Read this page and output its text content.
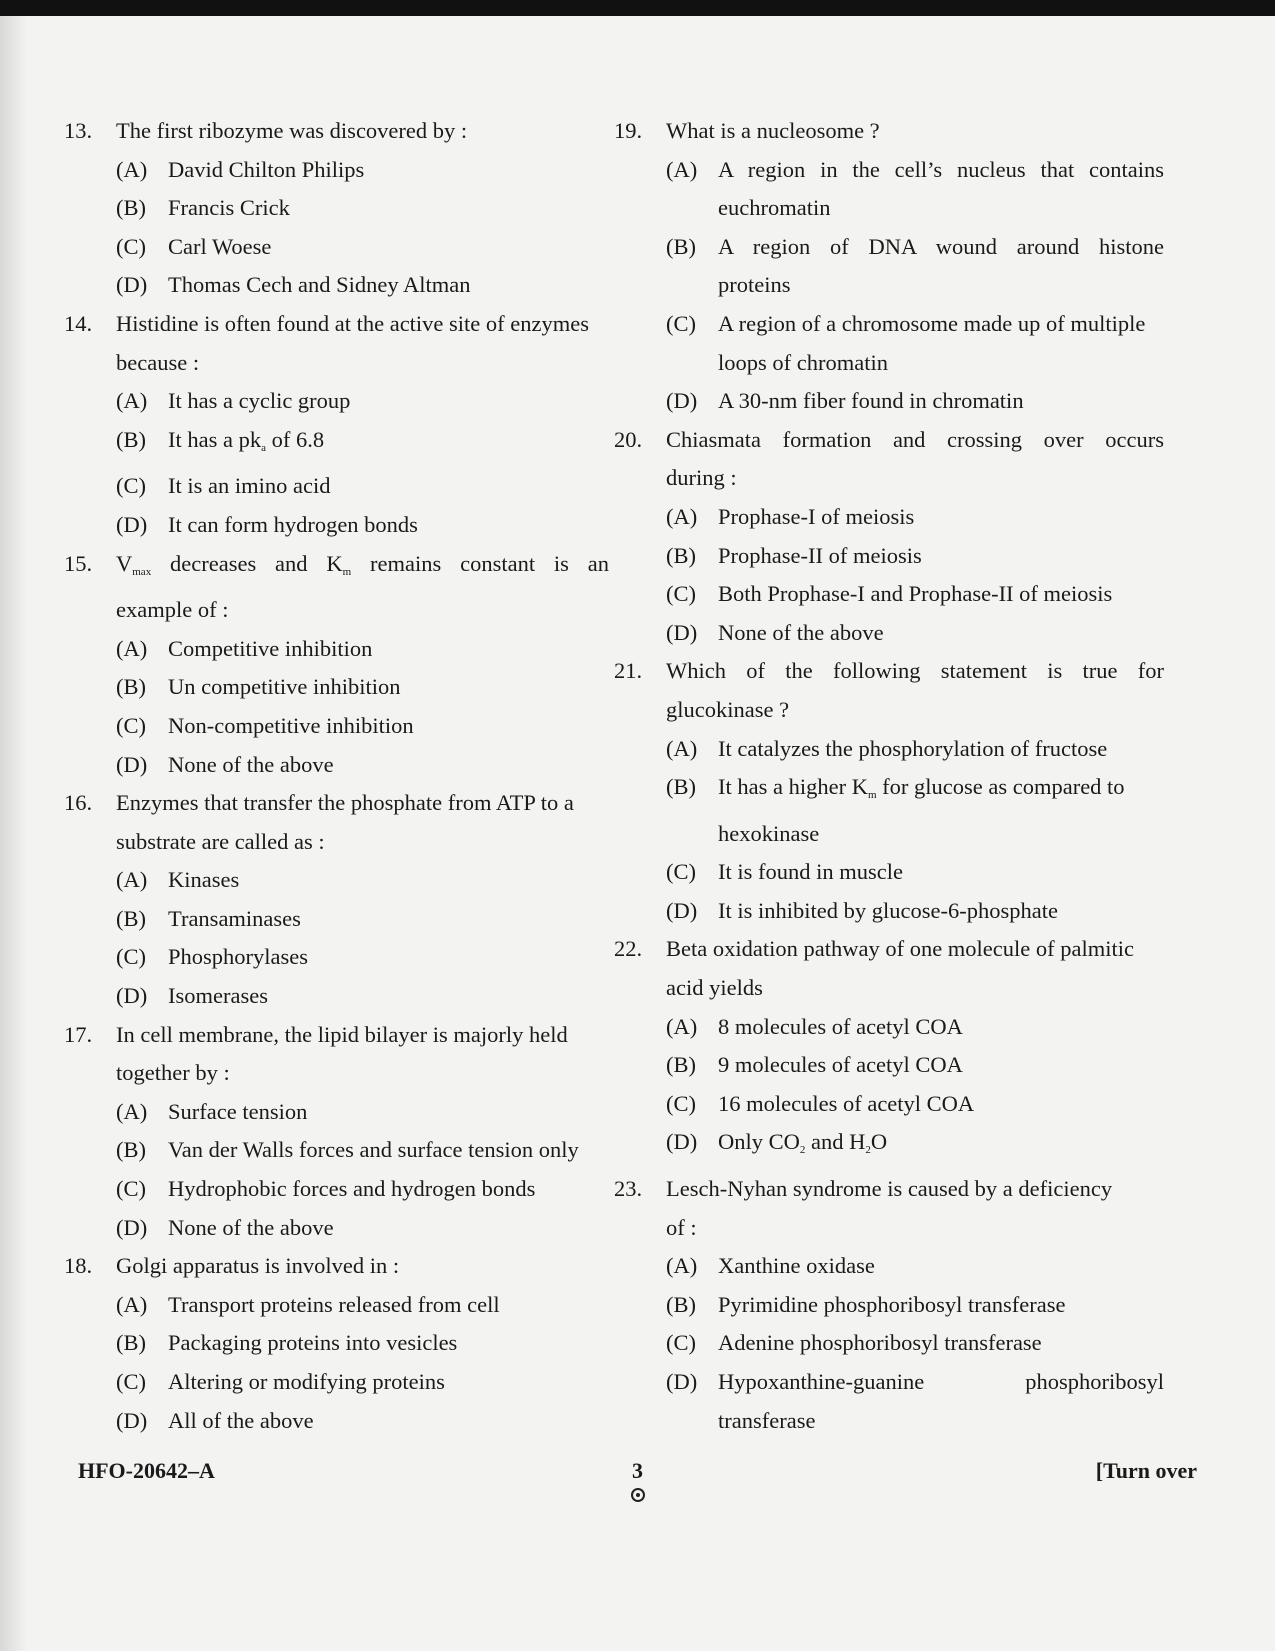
13.	The first ribozyme was discovered by :
(A) David Chilton Philips
(B) Francis Crick
(C) Carl Woese
(D) Thomas Cech and Sidney Altman
14.	Histidine is often found at the active site of enzymes
because :
(A) It has a cyclic group
(B) It has a $pk_a$ of 6.8
(C) It is an imino acid
(D) It can form hydrogen bonds
15.	$V_{max}$ decreases and $K_m$ remains constant is an
example of :
(A) Competitive inhibition
(B) Un competitive inhibition
(C) Non-competitive inhibition
(D) None of the above
16.	Enzymes that transfer the phosphate from ATP to a
substrate are called as :
(A) Kinases
(B) Transaminases
(C) Phosphorylases
(D) Isomerases
17.	In cell membrane, the lipid bilayer is majorly held
together by :
(A) Surface tension
(B) Van der Walls forces and surface tension only
(C) Hydrophobic forces and hydrogen bonds
(D) None of the above
18.	Golgi apparatus is involved in :
(A) Transport proteins released from cell
(B) Packaging proteins into vesicles
(C) Altering or modifying proteins
(D) All of the above
19.	What is a nucleosome ?
(A) A region in the cell’s nucleus that contains
euchromatin
(B) A region of DNA wound around histone
proteins
(C) A region of a chromosome made up of multiple
loops of chromatin
(D) A 30-nm fiber found in chromatin
20.	Chiasmata formation and crossing over occurs
during :
(A) Prophase-I of meiosis
(B) Prophase-II of meiosis
(C) Both Prophase-I and Prophase-II of meiosis
(D) None of the above
21.	Which of the following statement is true for
glucokinase ?
(A) It catalyzes the phosphorylation of fructose
(B) It has a higher $K_m$ for glucose as compared to
hexokinase
(C) It is found in muscle
(D) It is inhibited by glucose-6-phosphate
22.	Beta oxidation pathway of one molecule of palmitic
acid yields
(A) 8 molecules of acetyl COA
(B) 9 molecules of acetyl COA
(C) 16 molecules of acetyl COA
(D) Only $CO_2$ and $H_2O$
23.	Lesch-Nyhan syndrome is caused by a deficiency
of :
(A) Xanthine oxidase
(B) Pyrimidine phosphoribosyl transferase
(C) Adenine phosphoribosyl transferase
(D) Hypoxanthine-guanine phosphoribosyl
transferase
HFO-20642–A	3	[Turn over
